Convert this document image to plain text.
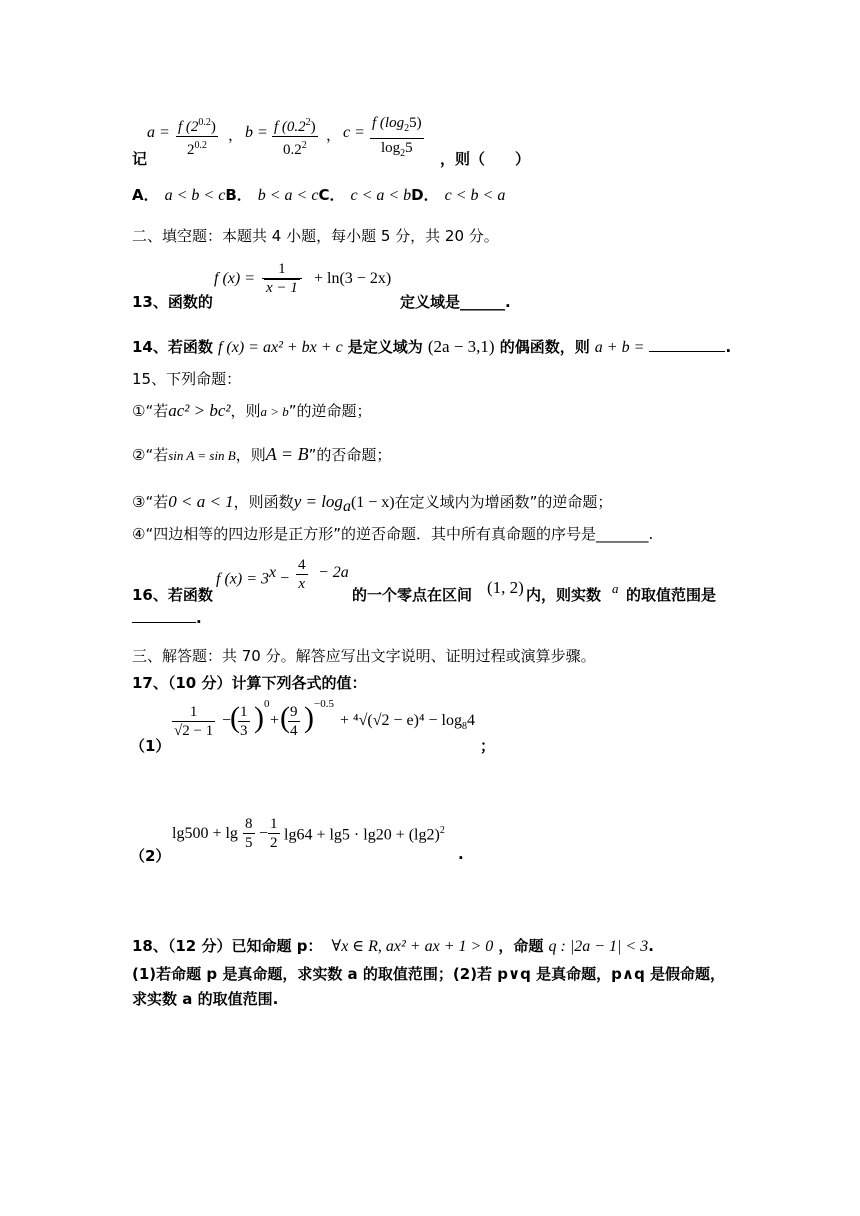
记
a = f $(2^{0.2})$
$2^{0.2}$
， b = f $(0.2^2)$
$0.2^2$
， c =
f $(\log_25)$
$\log_25$
，则（　　）
A． a < b < cB． b < a < cC． c < a < bD． c < b < a
二、填空题：本题共 4 小题，每小题 5 分，共 20 分。
13、函数的
f (x) =
1
x − 1
+ ln(3 − 2x)
定义域是______.
14、若函数 f (x) = ax² + bx + c 是定义域为 (2a − 3,1) 的偶函数，则 a + b =	.
15、下列命题：
①“若ac² > bc²，则a > b”的逆命题；
②“若sin A = sin B，则A = B”的否命题；
③“若0 < a < 1，则函数$y = \log_a(1 - x)$在定义域内为增函数”的逆命题；
④“四边相等的四边形是正方形”的逆否命题．其中所有真命题的序号是_______.
16、若函数
f $(x) = 3^x$ −
4
x
− 2a
的一个零点在区间 (1, 2) 内，则实数 a 的取值范围是
.
三、解答题：共 70 分。解答应写出文字说明、证明过程或演算步骤。
17、（10 分）计算下列各式的值：
（1）
1
√2 − 1
−
( 1
3 ) 0
+ ( 9
4 ) −0.5
+ $^4√(√2 - e)^4 - \log_84$
；
（2）
lg500 + lg
8
5
−
1
2 $\lg 64 + \lg 5 \cdot \lg 20 + (\lg 2)^2$
.
18、（12 分）已知命题 p： ∀x ∈ R, ax² + ax + 1 > 0 ，命题 q : |2a − 1| < 3.
(1)若命题 p 是真命题，求实数 a 的取值范围；(2)若 p∨q 是真命题，p∧q 是假命题，
求实数 a 的取值范围.
